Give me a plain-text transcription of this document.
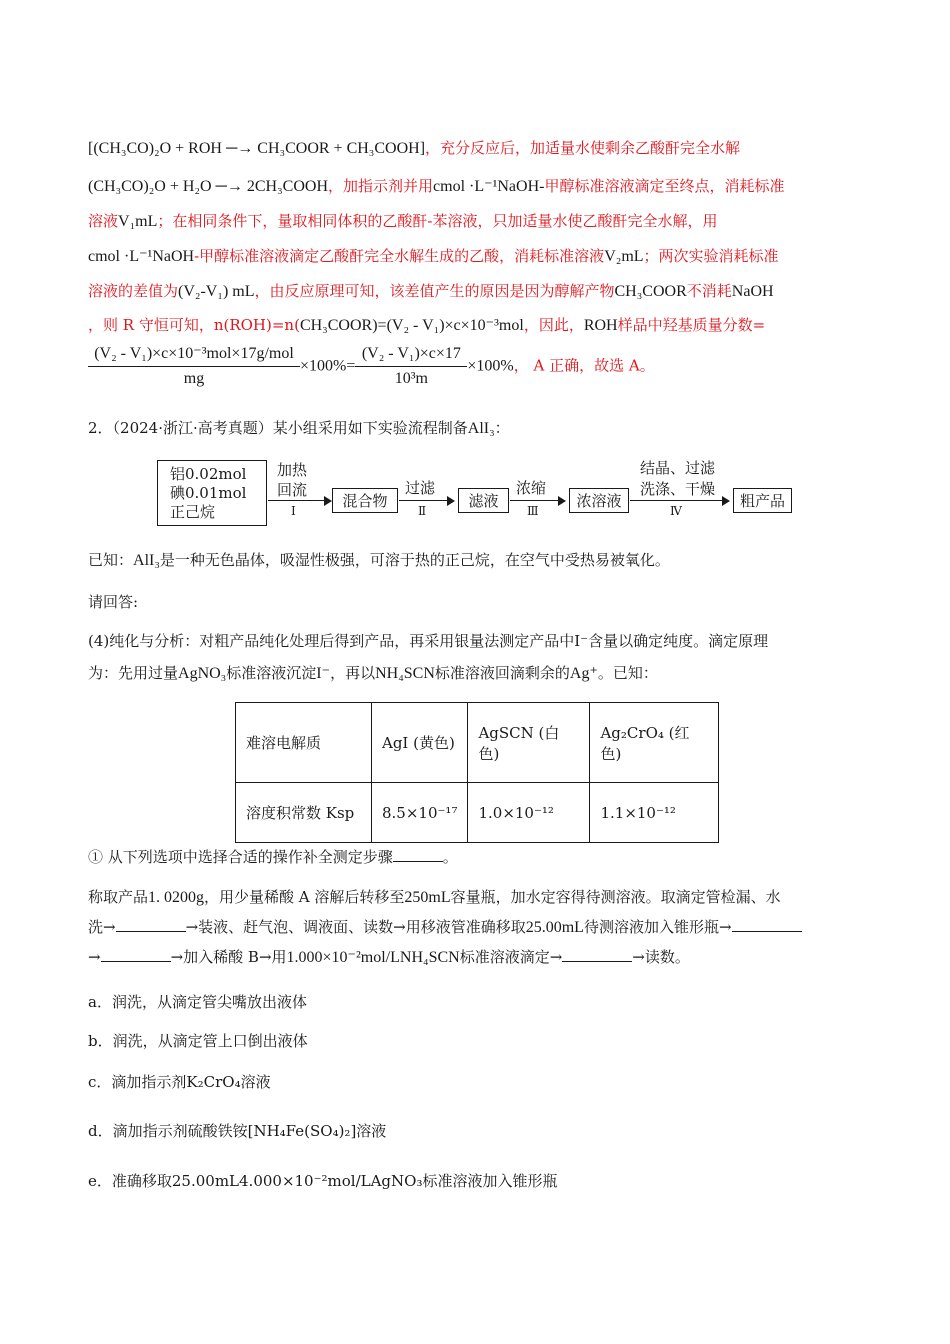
[(CH₃CO)₂O + ROH ─→ CH₃COOR + CH₃COOH]，充分反应后，加适量水使剩余乙酸酐完全水解
(CH₃CO)₂O + H₂O ─→ 2CH₃COOH，加指示剂并用cmol ·L⁻¹NaOH-甲醇标准溶液滴定至终点，消耗标准
溶液V₁mL；在相同条件下，量取相同体积的乙酸酐-苯溶液，只加适量水使乙酸酐完全水解，用
cmol ·L⁻¹NaOH-甲醇标准溶液滴定乙酸酐完全水解生成的乙酸，消耗标准溶液V₂mL；两次实验消耗标准
溶液的差值为(V₂-V₁) mL，由反应原理可知，该差值产生的原因是因为醇解产物CH₃COOR不消耗NaOH
，则 R 守恒可知，n(ROH)=n(CH₃COOR)=(V₂ - V₁)×c×10⁻³mol，因此，ROH样品中羟基质量分数=
$\frac{\text{(V₂ - V₁)×c×10⁻³mol×17g/mol}}{mg} \times 100\%= \frac{\text{(V₂ - V₁)×c×17}}{\text{10³m}} \times 100\%$， A 正确，故选 A。
2．（2024·浙江·高考真题）某小组采用如下实验流程制备AlI₃：
铝0.02mol
碘0.01mol
正己烷
加热
回流
Ⅰ
混合物
过滤
Ⅱ
滤液
浓缩
Ⅲ
浓溶液
结晶、过滤
洗涤、干燥
Ⅳ
粗产品
已知：AlI₃是一种无色晶体，吸湿性极强，可溶于热的正己烷，在空气中受热易被氧化。
请回答:
(4)纯化与分析：对粗产品纯化处理后得到产品，再采用银量法测定产品中I⁻含量以确定纯度。滴定原理
为：先用过量AgNO₃标准溶液沉淀I⁻，再以NH₄SCN标准溶液回滴剩余的Ag⁺。已知：
难溶电解质	AgI (黄色)	AgSCN (白色)	Ag₂CrO₄ (红色)
溶度积常数 Ksp	8.5×10⁻¹⁷	1.0×10⁻¹²	1.1×10⁻¹²
① 从下列选项中选择合适的操作补全测定步骤	。
称取产品1. 0200g，用少量稀酸 A 溶解后转移至250mL容量瓶，加水定容得待测溶液。取滴定管检漏、水
洗→	→装液、赶气泡、调液面、读数→用移液管准确移取25.00mL待测溶液加入锥形瓶→
→	→加入稀酸 B→用1.000×10⁻²mol/LNH₄SCN标准溶液滴定→	→读数。
a．润洗，从滴定管尖嘴放出液体
b．润洗，从滴定管上口倒出液体
c．滴加指示剂K₂CrO₄溶液
d．滴加指示剂硫酸铁铵[NH₄Fe(SO₄)₂]溶液
e．准确移取25.00mL4.000×10⁻²mol/LAgNO₃标准溶液加入锥形瓶
